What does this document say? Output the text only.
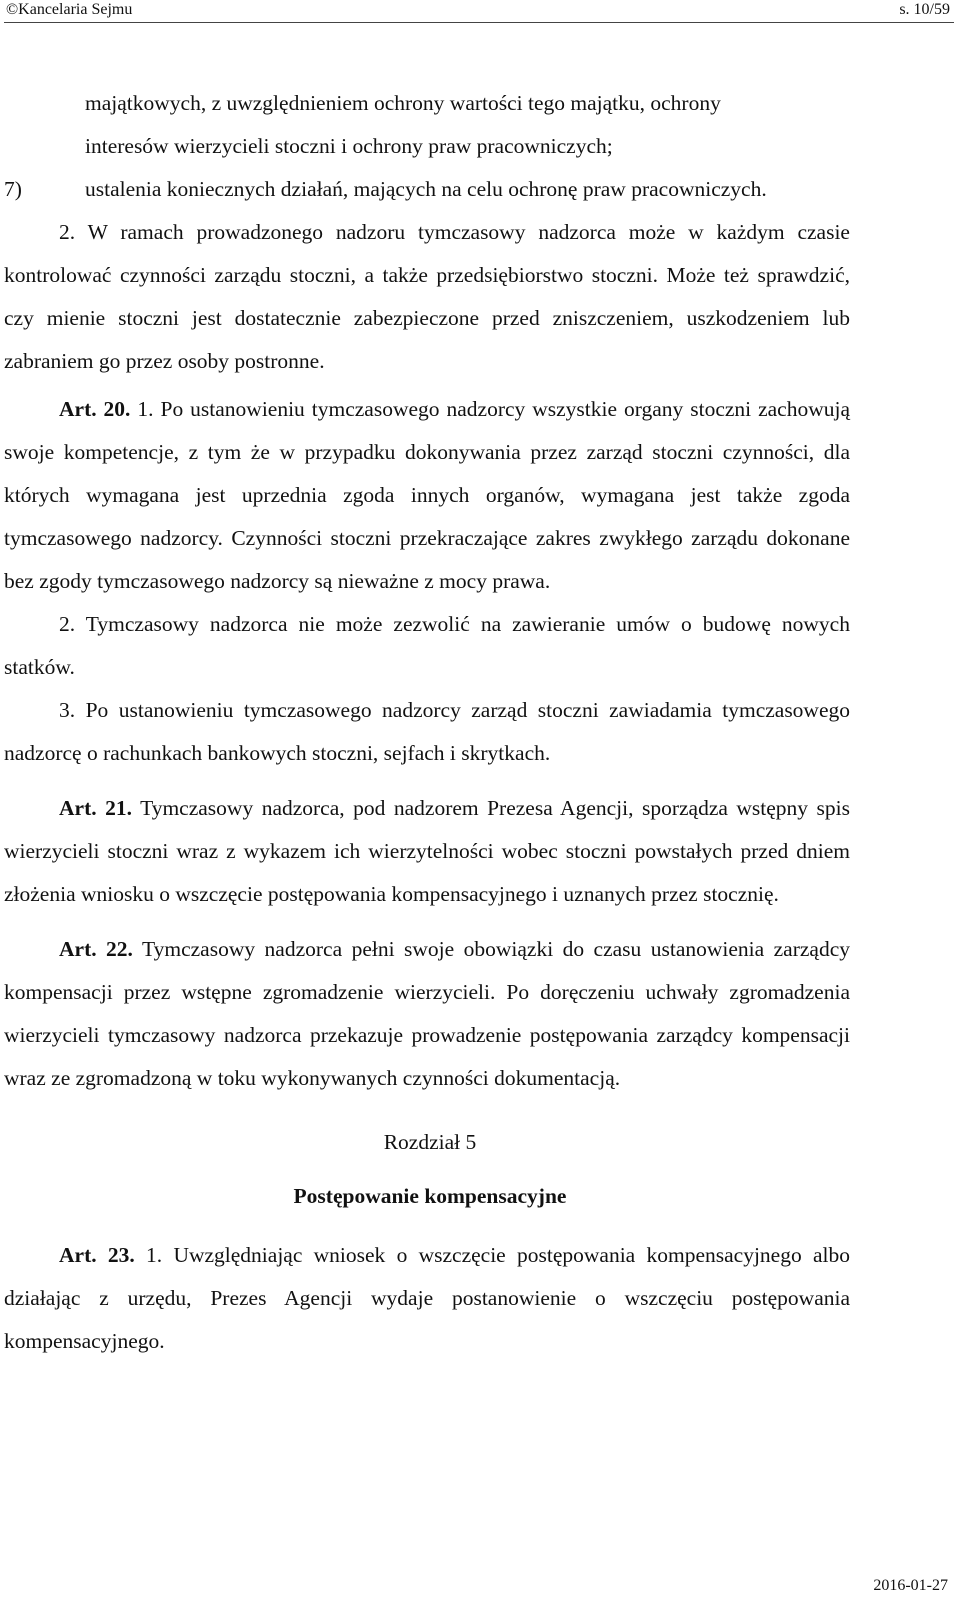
©Kancelaria Sejmu	s. 10/59

majątkowych, z uwzględnieniem ochrony wartości tego majątku, ochrony

interesów wierzycieli stoczni i ochrony praw pracowniczych;

7)	ustalenia koniecznych działań, mających na celu ochronę praw pracowniczych.

2. W ramach prowadzonego nadzoru tymczasowy nadzorca może w każdym czasie kontrolować czynności zarządu stoczni, a także przedsiębiorstwo stoczni. Może też sprawdzić, czy mienie stoczni jest dostatecznie zabezpieczone przed zniszczeniem, uszkodzeniem lub zabraniem go przez osoby postronne.

Art. 20. 1. Po ustanowieniu tymczasowego nadzorcy wszystkie organy stoczni zachowują swoje kompetencje, z tym że w przypadku dokonywania przez zarząd stoczni czynności, dla których wymagana jest uprzednia zgoda innych organów, wymagana jest także zgoda tymczasowego nadzorcy. Czynności stoczni przekraczające zakres zwykłego zarządu dokonane bez zgody tymczasowego nadzorcy są nieważne z mocy prawa.

2. Tymczasowy nadzorca nie może zezwolić na zawieranie umów o budowę nowych statków.

3. Po ustanowieniu tymczasowego nadzorcy zarząd stoczni zawiadamia tymczasowego nadzorcę o rachunkach bankowych stoczni, sejfach i skrytkach.

Art. 21. Tymczasowy nadzorca, pod nadzorem Prezesa Agencji, sporządza wstępny spis wierzycieli stoczni wraz z wykazem ich wierzytelności wobec stoczni powstałych przed dniem złożenia wniosku o wszczęcie postępowania kompensacyjnego i uznanych przez stocznię.

Art. 22. Tymczasowy nadzorca pełni swoje obowiązki do czasu ustanowienia zarządcy kompensacji przez wstępne zgromadzenie wierzycieli. Po doręczeniu uchwały zgromadzenia wierzycieli tymczasowy nadzorca przekazuje prowadzenie postępowania zarządcy kompensacji wraz ze zgromadzoną w toku wykonywanych czynności dokumentacją.

Rozdział 5
Postępowanie kompensacyjne

Art. 23. 1. Uwzględniając wniosek o wszczęcie postępowania kompensacyjnego albo działając z urzędu, Prezes Agencji wydaje postanowienie o wszczęciu postępowania kompensacyjnego.

2016-01-27
